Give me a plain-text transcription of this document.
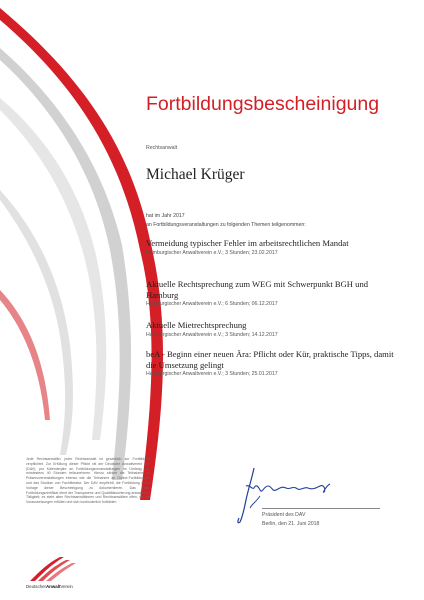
Fortbildungsbescheinigung
Rechtsanwalt
Michael Krüger
hat im Jahr 2017
an Fortbildungsveranstaltungen zu folgenden Themen teilgenommen:
Vermeidung typischer Fehler im arbeitsrechtlichen Mandat
Hamburgischer Anwaltverein e.V.; 3 Stunden; 23.02.2017
Aktuelle Rechtsprechung zum WEG mit Schwerpunkt BGH und Hamburg
Hamburgischer Anwaltverein e.V.; 6 Stunden; 06.12.2017
Aktuelle Mietrechtsprechung
Hamburgischer Anwaltverein e.V.; 3 Stunden; 14.12.2017
beA - Beginn einer neuen Ära: Pflicht oder Kür, praktische Tipps, damit die Umsetzung gelingt
Hamburgischer Anwaltverein e.V.; 3 Stunden; 25.01.2017
Jede Rechtsanwältin, jeder Rechtsanwalt ist gesetzlich zur Fortbildung verpflichtet. Zur Erfüllung dieser Pflicht rät der Deutsche Anwaltverein e.V. (DAV), pro Kalenderjahr an Fortbildungsveranstaltungen im Umfang von mindestens 40 Stunden teilzunehmen. Hierzu zählen die Teilnahme an Präsenzveranstaltungen ebenso wie die Teilnahme an Online-Fortbildungen und das Studium von Fachliteratur. Der DAV empfiehlt, die Fortbildung durch Vorlage dieser Bescheinigung zu dokumentieren. Das DAV-Fortbildungszertifikat dient der Transparenz und Qualitätssicherung anwaltlicher Tätigkeit; es steht allen Rechtsanwältinnen und Rechtsanwälten offen, die die Voraussetzungen erfüllen und sich kontinuierlich fortbilden.
DeutscherAnwaltVerein
Präsident des DAV
Berlin, den 21. Juni 2018
